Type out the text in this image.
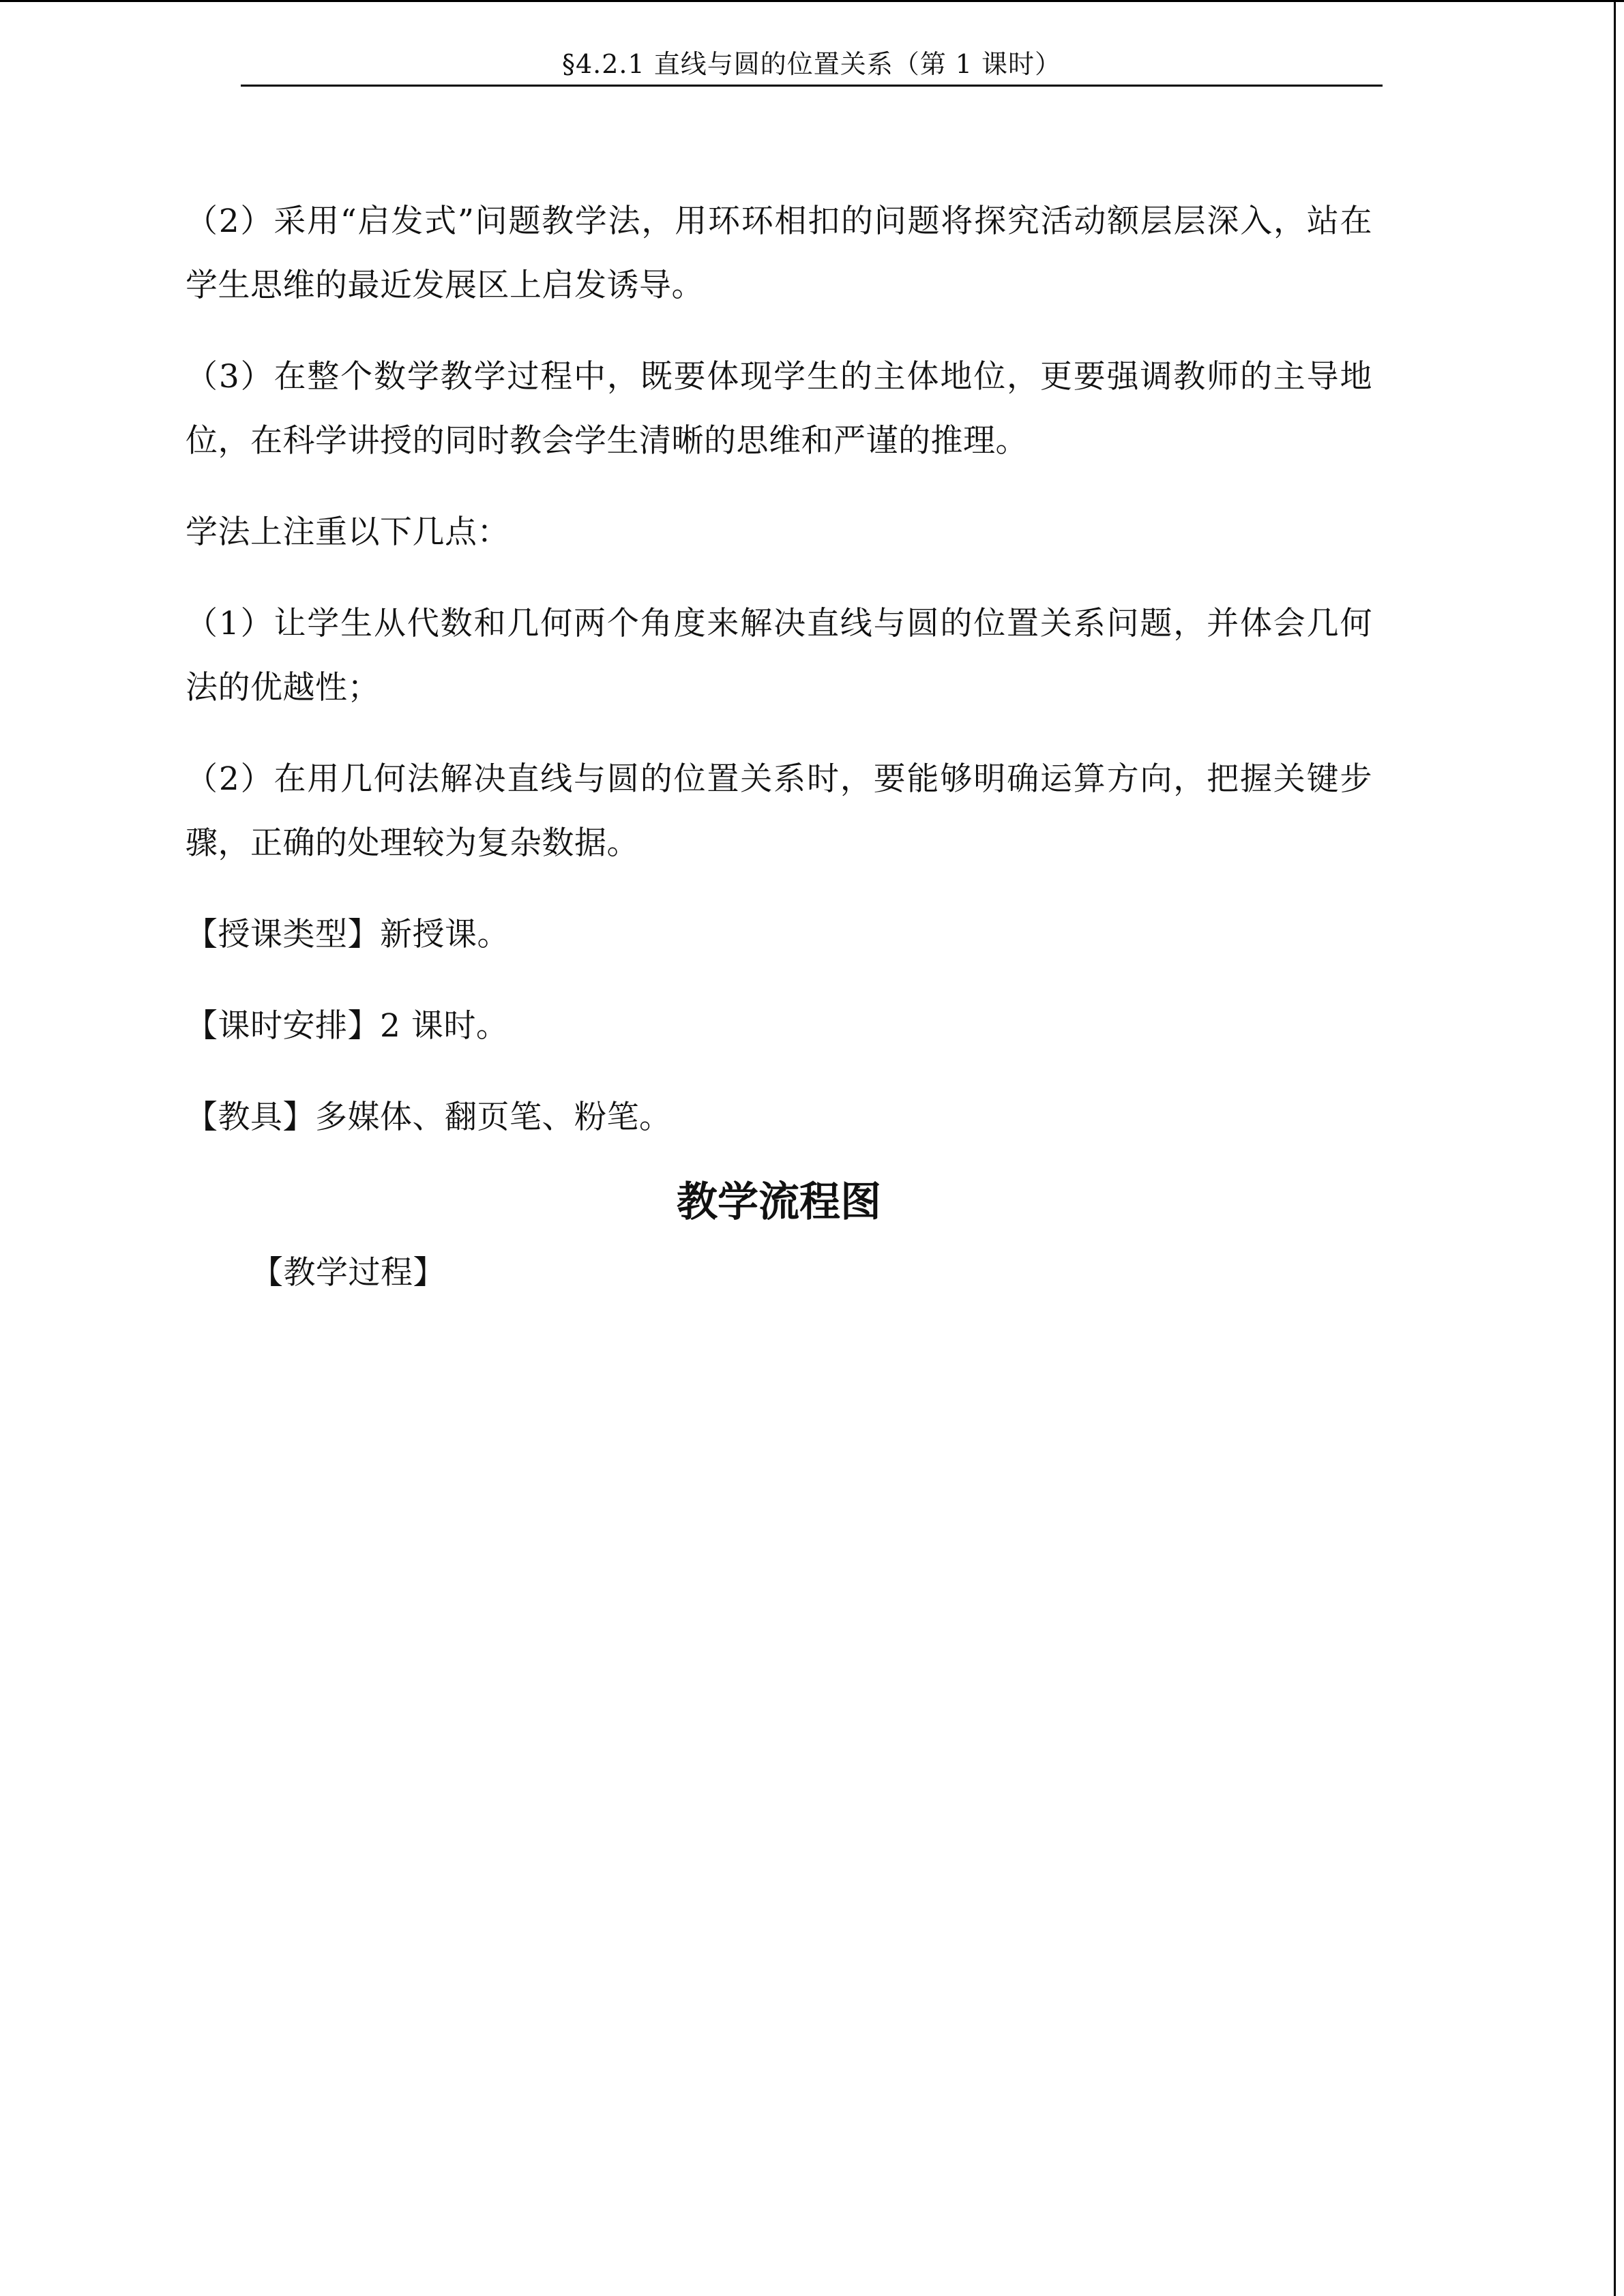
§4.2.1 直线与圆的位置关系（第 1 课时）

（2）采用“启发式”问题教学法，用环环相扣的问题将探究活动额层层深入，站在学生思维的最近发展区上启发诱导。

（3）在整个数学教学过程中，既要体现学生的主体地位，更要强调教师的主导地位，在科学讲授的同时教会学生清晰的思维和严谨的推理。

学法上注重以下几点：

（1）让学生从代数和几何两个角度来解决直线与圆的位置关系问题，并体会几何法的优越性；

（2）在用几何法解决直线与圆的位置关系时，要能够明确运算方向，把握关键步骤，正确的处理较为复杂数据。

【授课类型】新授课。

【课时安排】2 课时。

【教具】多媒体、翻页笔、粉笔。

教学流程图

【教学过程】
